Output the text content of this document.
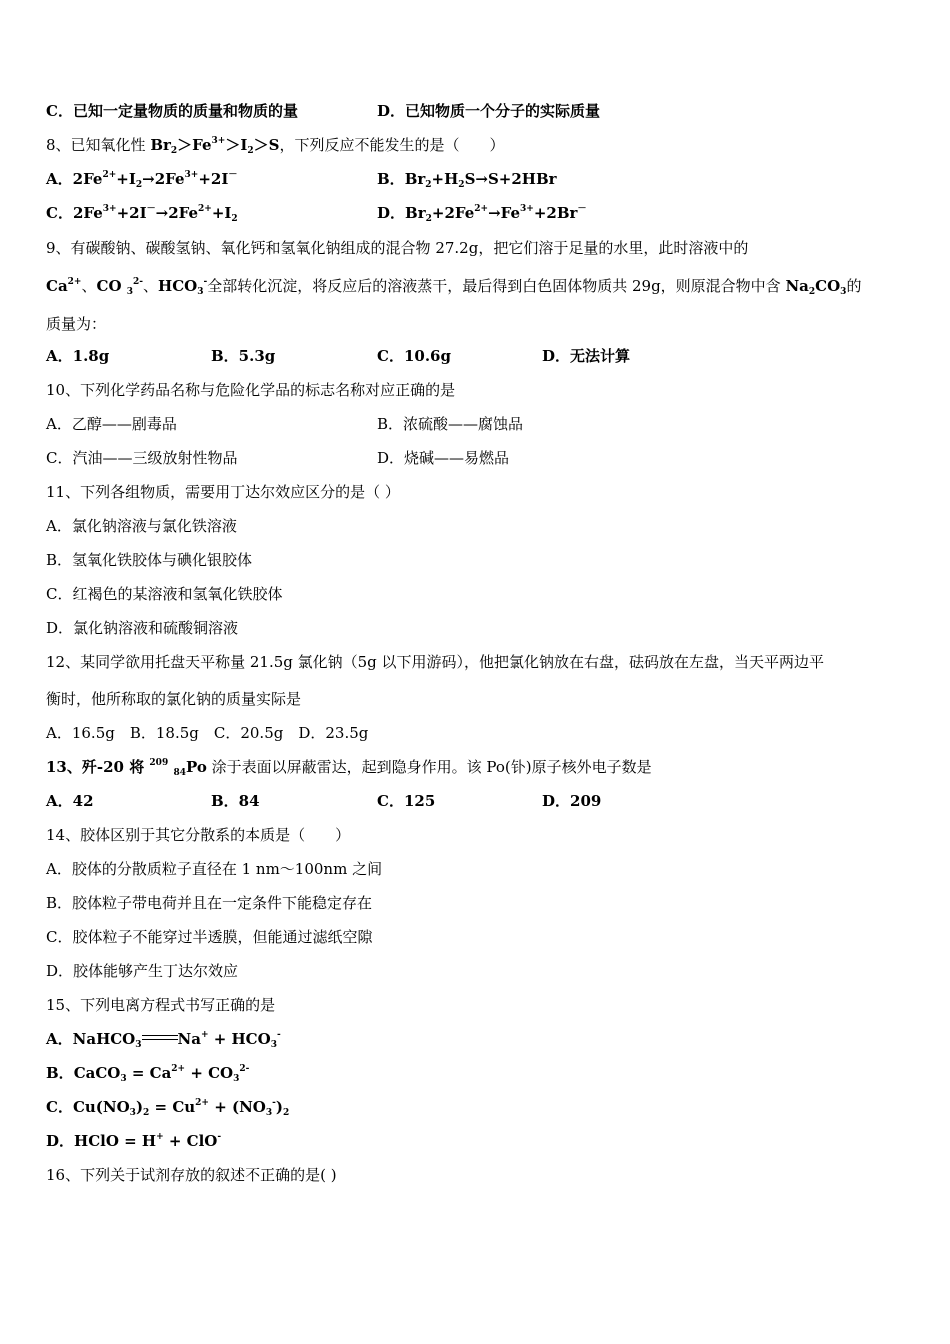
C．已知一定量物质的质量和物质的量	D．已知物质一个分子的实际质量
8、已知氧化性 $Br_2>Fe^{3+}>I_2>S$，下列反应不能发生的是（　　）
A．$2Fe^{2+}+I_2\to 2Fe^{3+}+2I^-$	B．$Br_2+H_2S\to S+2HBr$
C．$2Fe^{3+}+2I^-\to 2Fe^{2+}+I_2$	D．$Br_2+2Fe^{2+}\to Fe^{3+}+2Br^-$
9、有碳酸钠、碳酸氢钠、氧化钙和氢氧化钠组成的混合物 27.2g，把它们溶于足量的水里，此时溶液中的
$Ca^{2+}$、CO $_3^{2-}$、$HCO_3^-$全部转化沉淀，将反应后的溶液蒸干，最后得到白色固体物质共 29g，则原混合物中含 $Na_2CO_3$的
质量为：
A．1.8g	B．5.3g	C．10.6g	D．无法计算
10、下列化学药品名称与危险化学品的标志名称对应正确的是
A．乙醇——剧毒品	B．浓硫酸——腐蚀品
C．汽油——三级放射性物品	D．烧碱——易燃品
11、下列各组物质，需要用丁达尔效应区分的是（ ）
A．氯化钠溶液与氯化铁溶液
B．氢氧化铁胶体与碘化银胶体
C．红褐色的某溶液和氢氧化铁胶体
D．氯化钠溶液和硫酸铜溶液
12、某同学欲用托盘天平称量 21.5g 氯化钠（5g 以下用游码），他把氯化钠放在右盘，砝码放在左盘，当天平两边平
衡时，他所称取的氯化钠的质量实际是
A．16.5g　B．18.5g　C．20.5g　D．23.5g
13、歼-20 将 $^{209}$ $_{84}$Po 涂于表面以屏蔽雷达，起到隐身作用。该 Po(钋)原子核外电子数是
A．42	B．84	C．125	D．209
14、胶体区别于其它分散系的本质是（　　）
A．胶体的分散质粒子直径在 1 nm～100nm 之间
B．胶体粒子带电荷并且在一定条件下能稳定存在
C．胶体粒子不能穿过半透膜，但能通过滤纸空隙
D．胶体能够产生丁达尔效应
15、下列电离方程式书写正确的是
A．NaHCO$_3$ $Na^+ + HCO_3^-$
B．CaCO$_3$ = $Ca^{2+} + CO_3^{2-}$
C．$Cu(NO_3)_2 = Cu^{2+} + (NO_3^-)_2$
D．HClO = H+ + ClO-
16、下列关于试剂存放的叙述不正确的是( )
